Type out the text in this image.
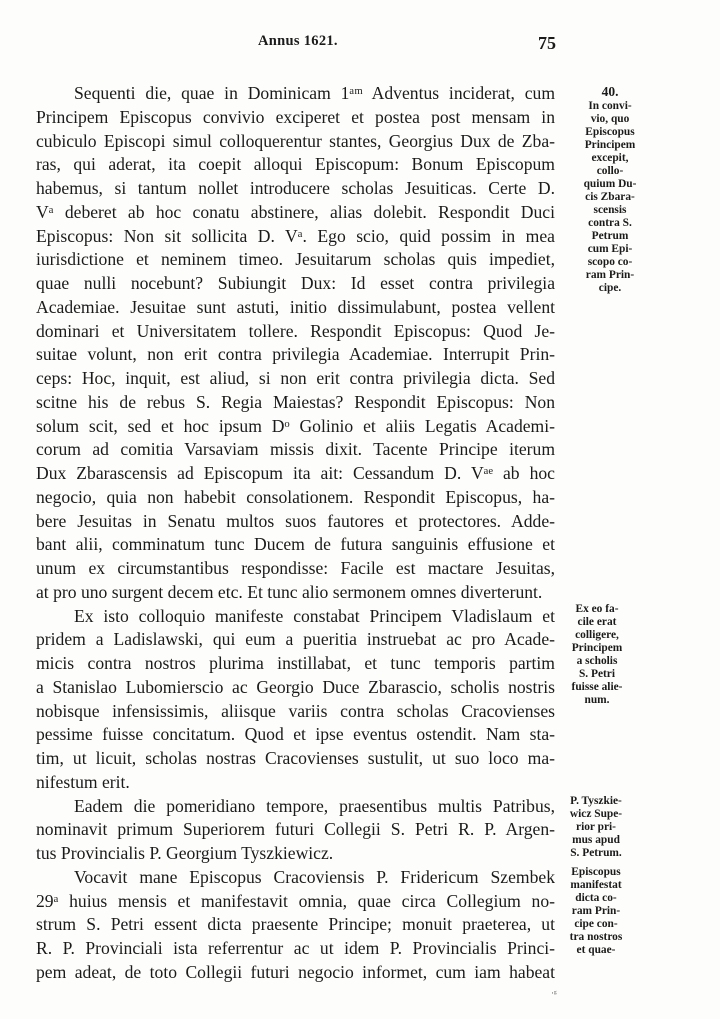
Annus 1621.	75
Sequenti die, quae in Dominicam 1ᵃᵐ Adventus inciderat, cum
Principem Episcopus convivio exciperet et postea post mensam in
cubiculo Episcopi simul colloquerentur stantes, Georgius Dux de Zba-
ras, qui aderat, ita coepit alloqui Episcopum: Bonum Episcopum
habemus, si tantum nollet introducere scholas Jesuiticas. Certe D.
Vᵃ deberet ab hoc conatu abstinere, alias dolebit. Respondit Duci
Episcopus: Non sit sollicita D. Vᵃ. Ego scio, quid possim in mea
iurisdictione et neminem timeo. Jesuitarum scholas quis impediet,
quae nulli nocebunt? Subiungit Dux: Id esset contra privilegia
Academiae. Jesuitae sunt astuti, initio dissimulabunt, postea vellent
dominari et Universitatem tollere. Respondit Episcopus: Quod Je-
suitae volunt, non erit contra privilegia Academiae. Interrupit Prin-
ceps: Hoc, inquit, est aliud, si non erit contra privilegia dicta. Sed
scitne his de rebus S. Regia Maiestas? Respondit Episcopus: Non
solum scit, sed et hoc ipsum Dᵒ Golinio et aliis Legatis Academi-
corum ad comitia Varsaviam missis dixit. Tacente Principe iterum
Dux Zbarascensis ad Episcopum ita ait: Cessandum D. Vᵃᵉ ab hoc
negocio, quia non habebit consolationem. Respondit Episcopus, ha-
bere Jesuitas in Senatu multos suos fautores et protectores. Adde-
bant alii, comminatum tunc Ducem de futura sanguinis effusione et
unum ex circumstantibus respondisse: Facile est mactare Jesuitas,
at pro uno surgent decem etc. Et tunc alio sermonem omnes diverterunt.
Ex isto colloquio manifeste constabat Principem Vladislaum et
pridem a Ladislawski, qui eum a pueritia instruebat ac pro Acade-
micis contra nostros plurima instillabat, et tunc temporis partim
a Stanislao Lubomierscio ac Georgio Duce Zbarascio, scholis nostris
nobisque infensissimis, aliisque variis contra scholas Cracovienses
pessime fuisse concitatum. Quod et ipse eventus ostendit. Nam sta-
tim, ut licuit, scholas nostras Cracovienses sustulit, ut suo loco ma-
nifestum erit.
Eadem die pomeridiano tempore, praesentibus multis Patribus,
nominavit primum Superiorem futuri Collegii S. Petri R. P. Argen-
tus Provincialis P. Georgium Tyszkiewicz.
Vocavit mane Episcopus Cracoviensis P. Fridericum Szembek
29ᵃ huius mensis et manifestavit omnia, quae circa Collegium no-
strum S. Petri essent dicta praesente Principe; monuit praeterea, ut
R. P. Provinciali ista referrentur ac ut idem P. Provincialis Princi-
pem adeat, de toto Collegii futuri negocio informet, cum iam habeat
40.
In convi-
vio, quo
Episcopus
Principem
excepit,
collo-
quium Du-
cis Zbara-
scensis
contra S.
Petrum
cum Epi-
scopo co-
ram Prin-
cipe.
Ex eo fa-
cile erat
colligere,
Principem
a scholis
S. Petri
fuisse alie-
num.
P. Tyszkie-
wicz Supe-
rior pri-
mus apud
S. Petrum.
Episcopus
manifestat
dicta co-
ram Prin-
cipe con-
tra nostros
et quae-
·ᵍ
